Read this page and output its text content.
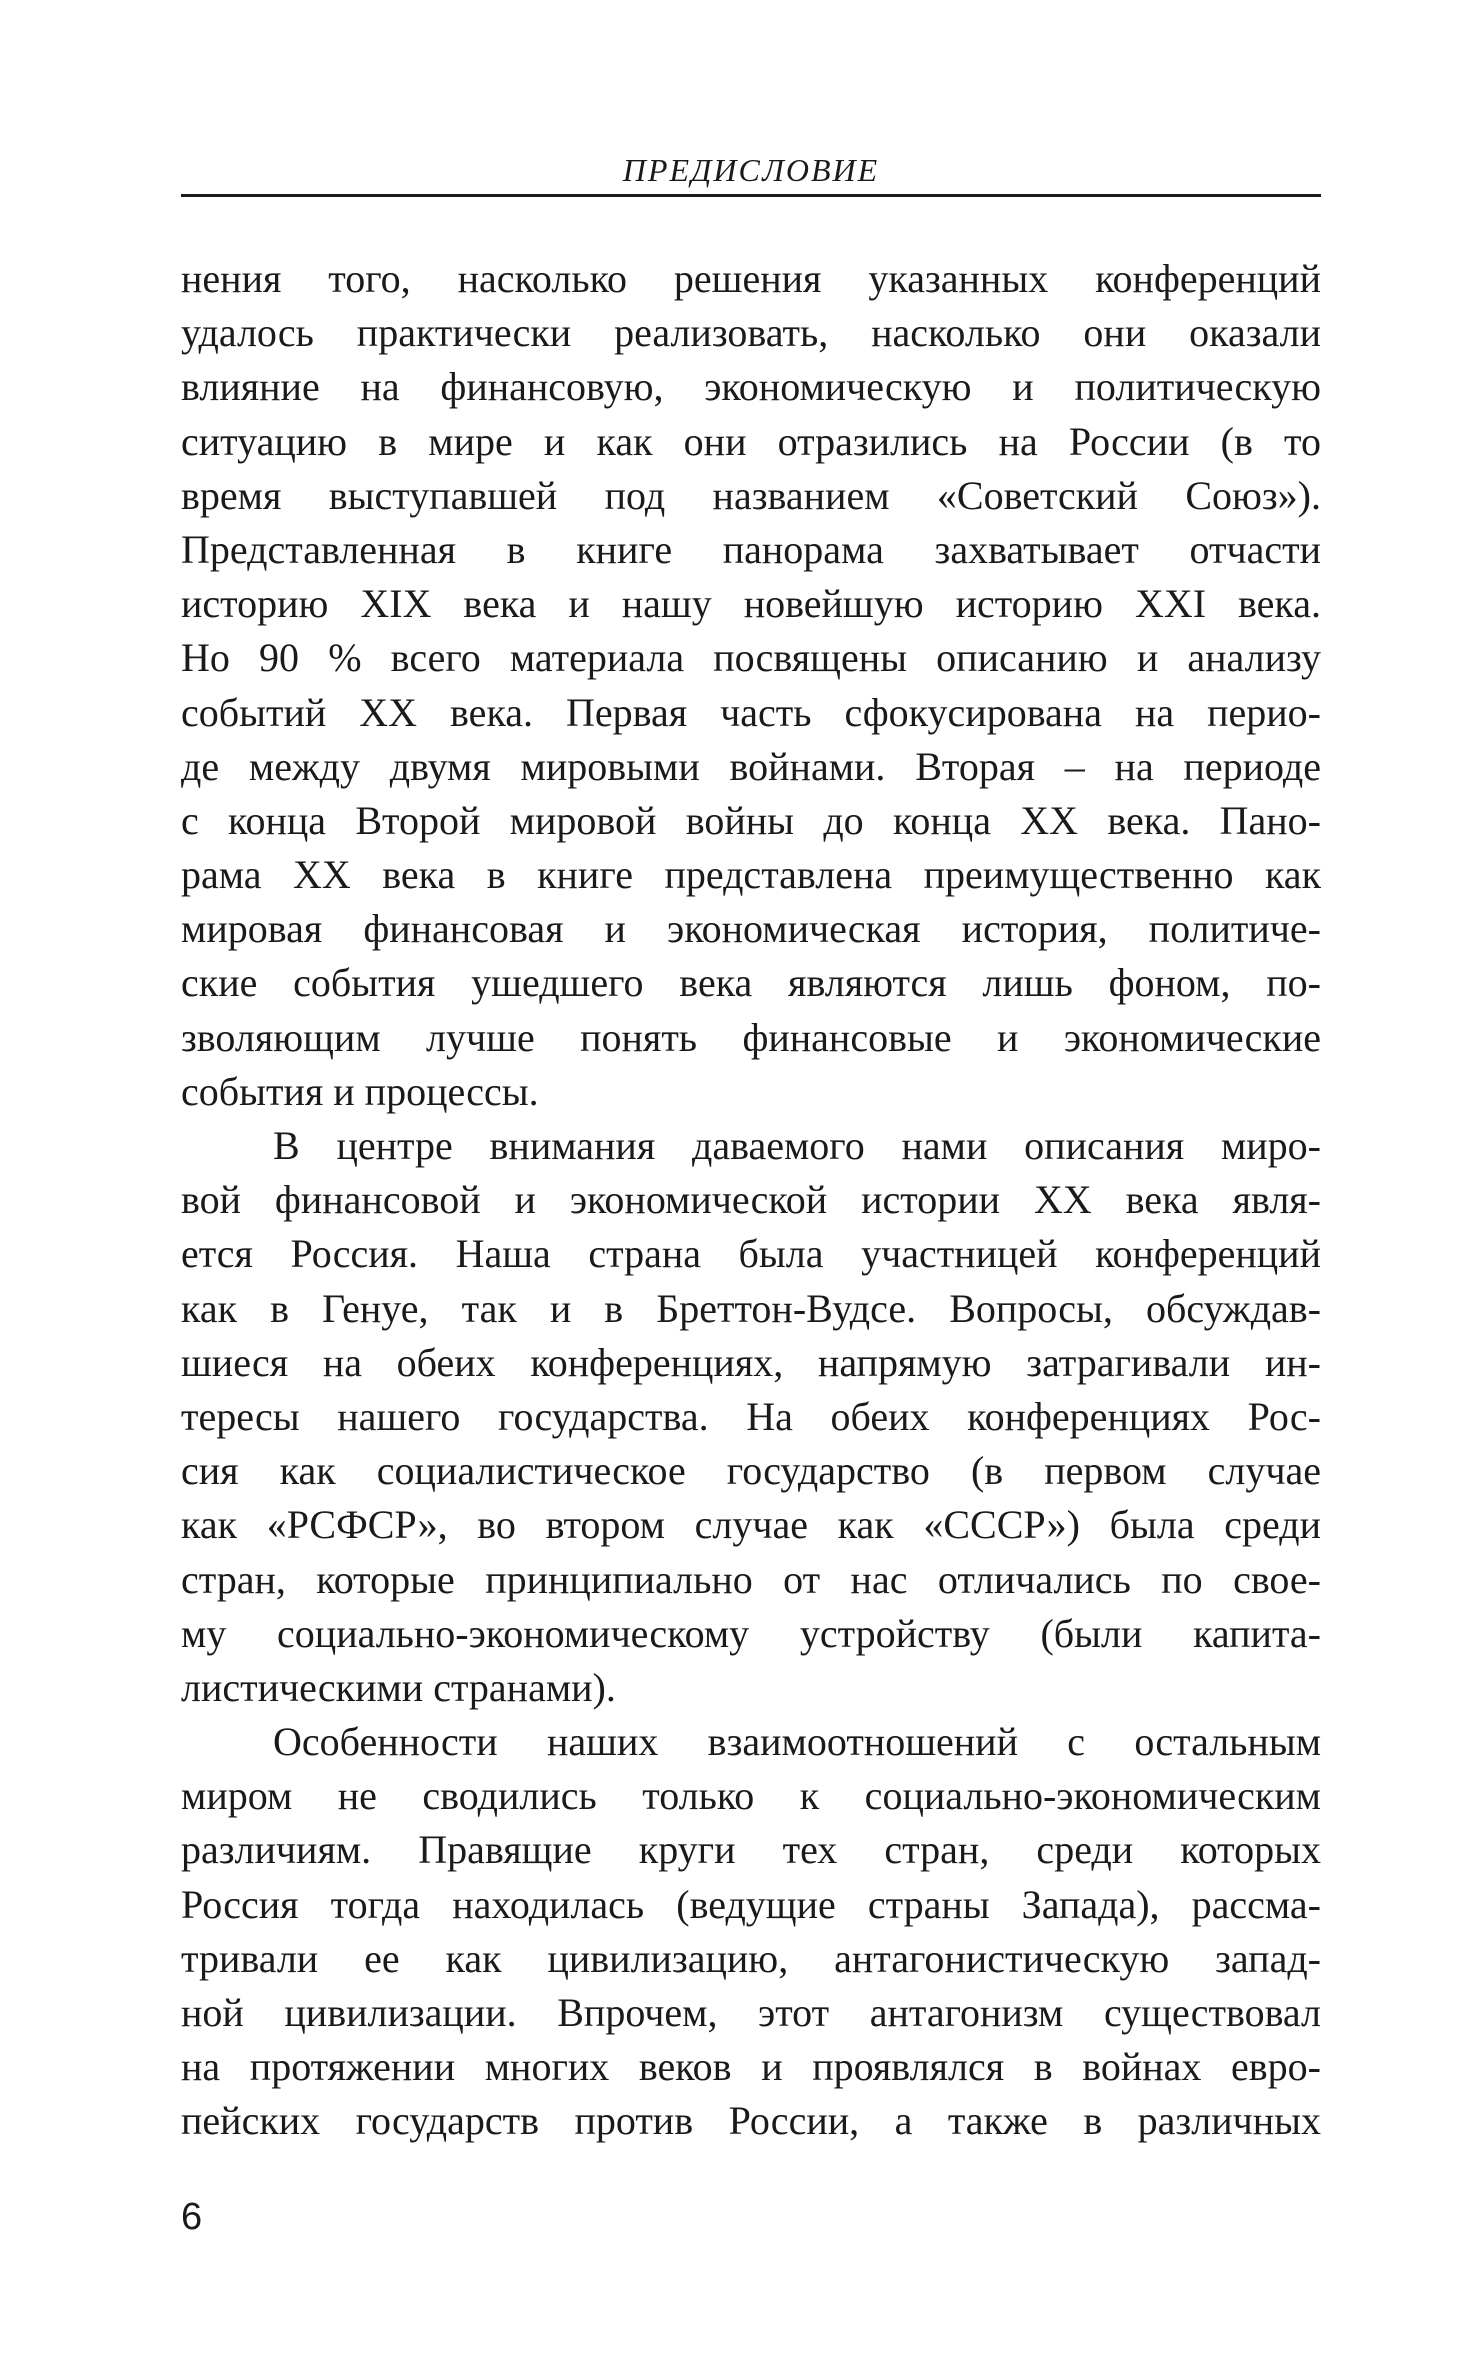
ПРЕДИСЛОВИЕ
нения того, насколько решения указанных конференций
удалось практически реализовать, насколько они оказали
влияние на финансовую, экономическую и политическую
ситуацию в мире и как они отразились на России (в то
время выступавшей под названием «Советский Союз»).
Представленная в книге панорама захватывает отчасти
историю XIX века и нашу новейшую историю XXI века.
Но 90 % всего материала посвящены описанию и анализу
событий XX века. Первая часть сфокусирована на перио-
де между двумя мировыми войнами. Вторая – на периоде
с конца Второй мировой войны до конца XX века. Пано-
рама XX века в книге представлена преимущественно как
мировая финансовая и экономическая история, политиче-
ские события ушедшего века являются лишь фоном, по-
зволяющим лучше понять финансовые и экономические
события и процессы.
В центре внимания даваемого нами описания миро-
вой финансовой и экономической истории XX века явля-
ется Россия. Наша страна была участницей конференций
как в Генуе, так и в Бреттон-Вудсе. Вопросы, обсуждав-
шиеся на обеих конференциях, напрямую затрагивали ин-
тересы нашего государства. На обеих конференциях Рос-
сия как социалистическое государство (в первом случае
как «РСФСР», во втором случае как «СССР») была среди
стран, которые принципиально от нас отличались по свое-
му социально-экономическому устройству (были капита-
листическими странами).
Особенности наших взаимоотношений с остальным
миром не сводились только к социально-экономическим
различиям. Правящие круги тех стран, среди которых
Россия тогда находилась (ведущие страны Запада), рассма-
тривали ее как цивилизацию, антагонистическую запад-
ной цивилизации. Впрочем, этот антагонизм существовал
на протяжении многих веков и проявлялся в войнах евро-
пейских государств против России, а также в различных
6
